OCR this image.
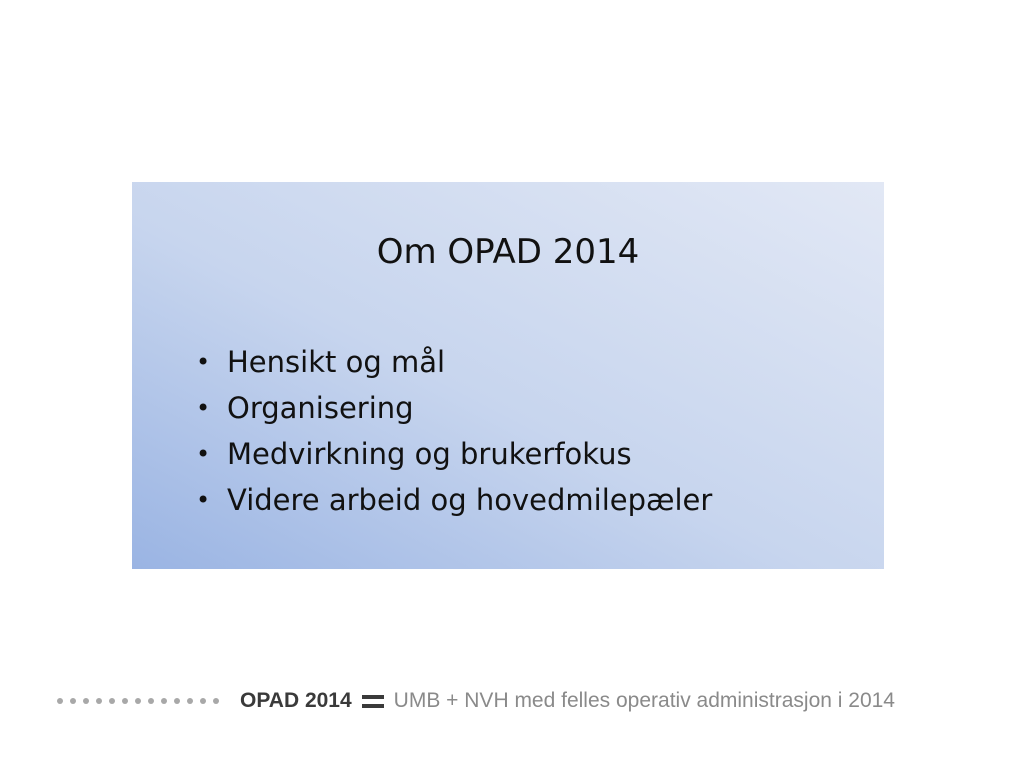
Om OPAD 2014
• Hensikt og mål
• Organisering
• Medvirkning og brukerfokus
• Videre arbeid og hovedmilepæler
OPAD 2014 UMB + NVH med felles operativ administrasjon i 2014
